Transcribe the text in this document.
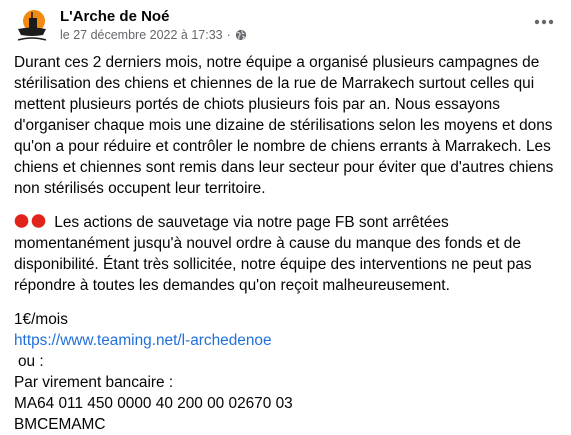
L'Arche de Noé
le 27 décembre 2022 à 17:33 ·

Durant ces 2 derniers mois, notre équipe a organisé plusieurs campagnes de stérilisation des chiens et chiennes de la rue de Marrakech surtout celles qui mettent plusieurs portés de chiots plusieurs fois par an. Nous essayons d'organiser chaque mois une dizaine de stérilisations selon les moyens et dons qu'on a pour réduire et contrôler le nombre de chiens errants à Marrakech. Les chiens et chiennes sont remis dans leur secteur pour éviter que d'autres chiens non stérilisés occupent leur territoire.

Les actions de sauvetage via notre page FB sont arrêtées momentanément jusqu'à nouvel ordre à cause du manque des fonds et de disponibilité. Étant très sollicitée, notre équipe des interventions ne peut pas répondre à toutes les demandes qu'on reçoit malheureusement.

1€/mois
https://www.teaming.net/l-archedenoe
ou :
Par virement bancaire :
MA64 011 450 0000 40 200 00 02670 03
BMCEMAMC
